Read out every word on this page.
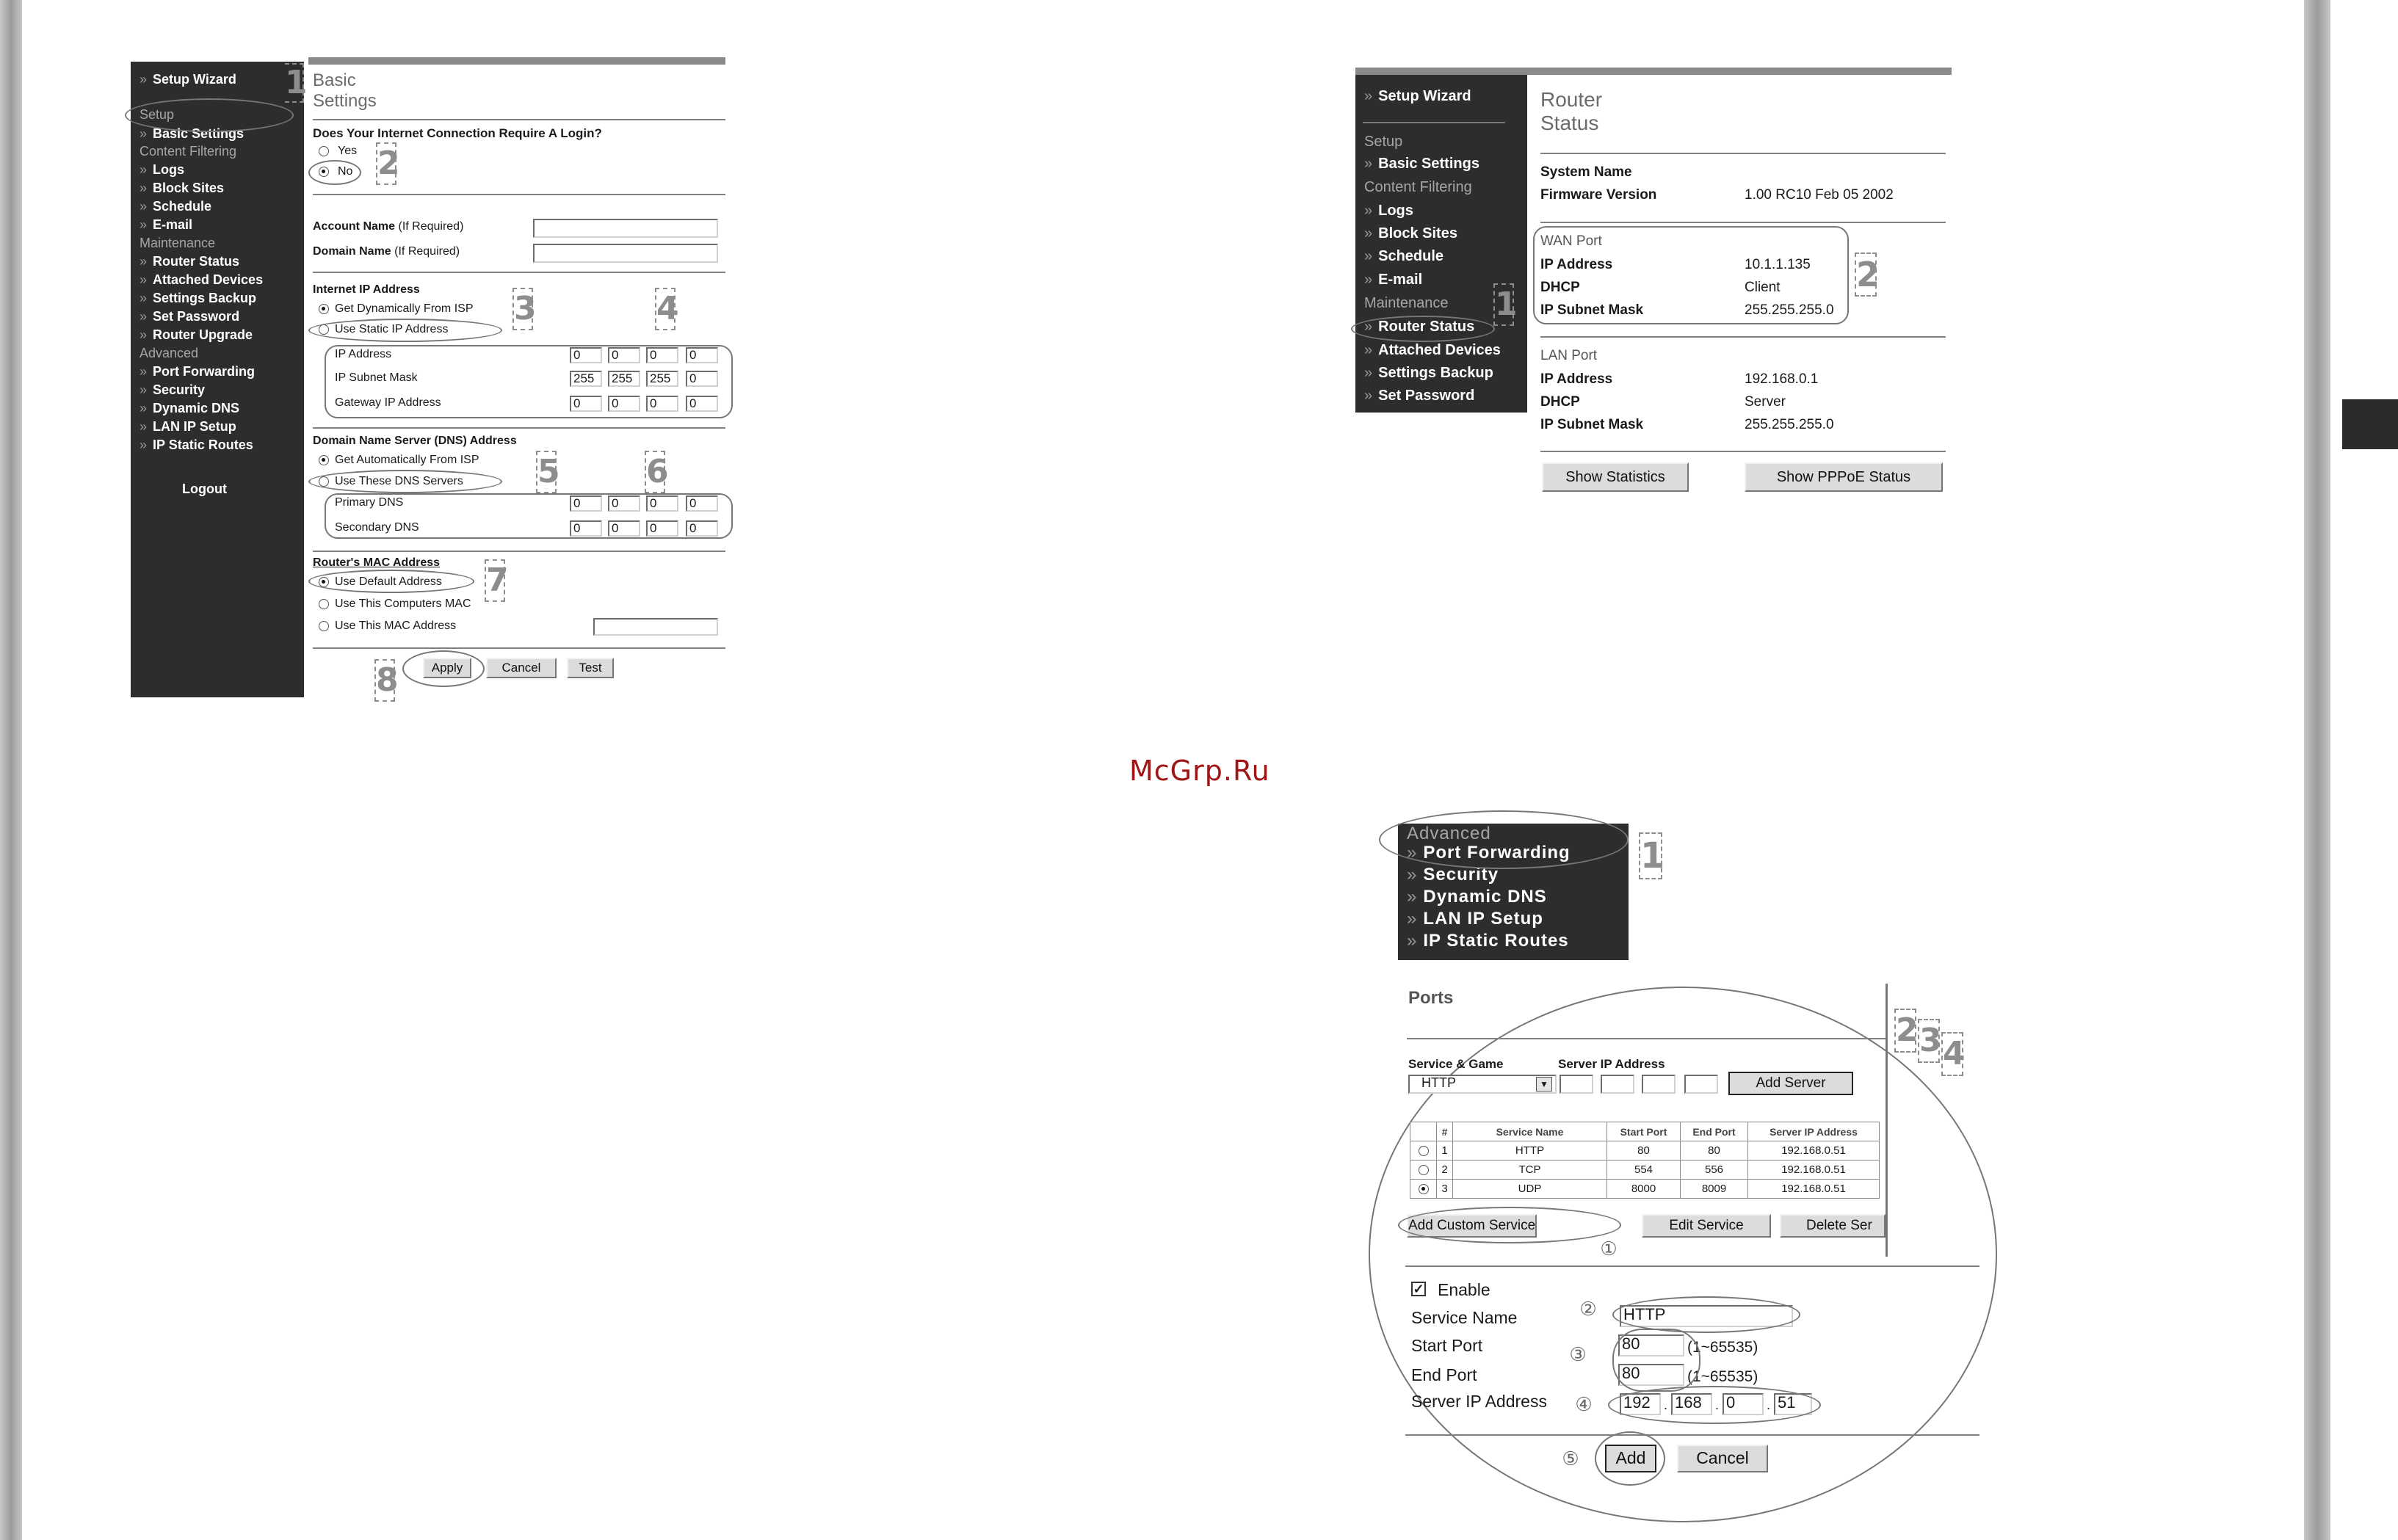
McGrp.Ru
» Setup Wizard
Setup
» Basic Settings
Content Filtering
» Logs
» Block Sites
» Schedule
» E-mail
Maintenance
» Router Status
» Attached Devices
» Settings Backup
» Set Password
» Router Upgrade
Advanced
» Port Forwarding
» Security
» Dynamic DNS
» LAN IP Setup
» IP Static Routes
Logout
1 Basic Settings
Does Your Internet Connection Require A Login?
Yes
No 2
Account Name (If Required)
Domain Name (If Required)
Internet IP Address
Get Dynamically From ISP
Use Static IP Address
3	4
IP Address	0	0	0	0
IP Subnet Mask	255	255	255	0
Gateway IP Address	0	0	0	0
Domain Name Server (DNS) Address
Get Automatically From ISP
Use These DNS Servers 5	6
Primary DNS	0	0	0	0
Secondary DNS	0	0	0	0
Router's MAC Address
Use Default Address 7
Use This Computers MAC
Use This MAC Address
Apply	Cancel	Test
8
» Setup Wizard
Setup
» Basic Settings
Content Filtering
» Logs
» Block Sites
» Schedule
» E-mail
Maintenance
» Router Status
» Attached Devices
» Settings Backup
» Set Password
1
Router Status
System Name
Firmware Version	1.00 RC10 Feb 05 2002
WAN Port
IP Address	10.1.1.135
DHCP	Client
IP Subnet Mask	255.255.255.0
2
LAN Port
IP Address	192.168.0.1
DHCP	Server
IP Subnet Mask	255.255.255.0
Show Statistics	Show PPPoE Status
Advanced
» Port Forwarding
» Security
» Dynamic DNS
» LAN IP Setup
» IP Static Routes
1
Ports
2 3 4
Service & Game	Server IP Address
HTTP	▼	Add Server
	#	Service Name	Start Port	End Port	Server IP Address
	1	HTTP	80	80	192.168.0.51
	2	TCP	554	556	192.168.0.51
	3	UDP	8000	8009	192.168.0.51
Add Custom Service	Edit Service	Delete Ser
①
✓ Enable
Service Name	② HTTP
Start Port	③ 80	(1~65535)
End Port	80	(1~65535)
Server IP Address ④ 192	. 168	. 0	. 51
⑤	Add	Cancel
